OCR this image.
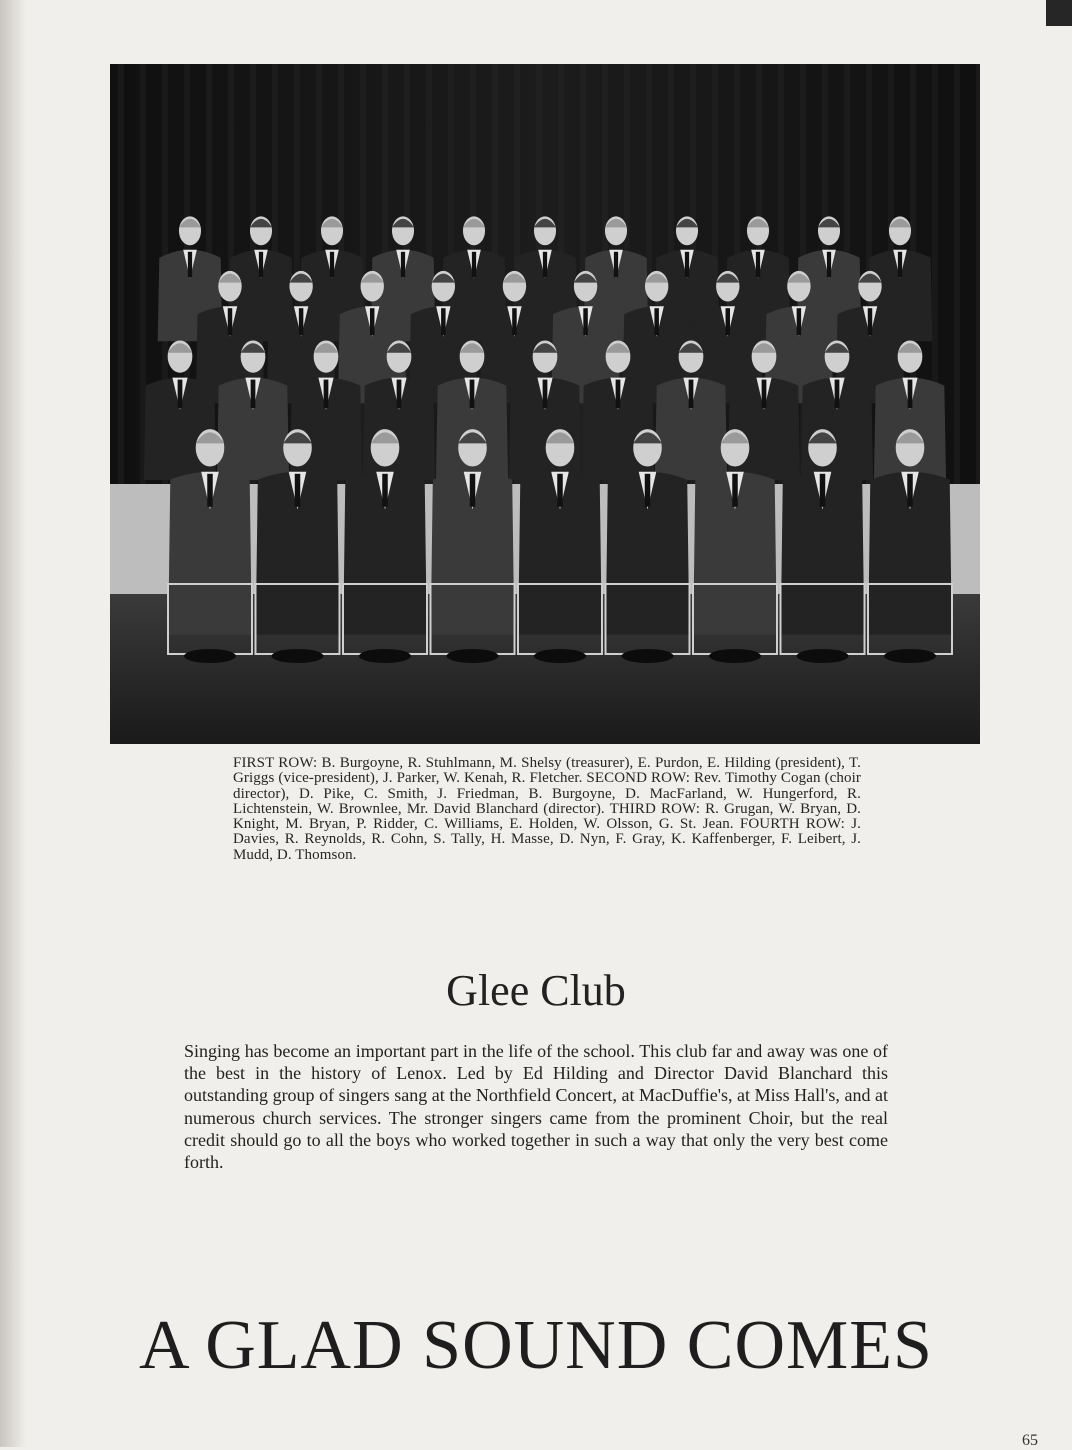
FIRST ROW: B. Burgoyne, R. Stuhlmann, M. Shelsy (treasurer), E. Purdon, E. Hilding (president), T. Griggs (vice-president), J. Parker, W. Kenah, R. Fletcher. SECOND ROW: Rev. Timothy Cogan (choir director), D. Pike, C. Smith, J. Friedman, B. Burgoyne, D. MacFarland, W. Hungerford, R. Lichtenstein, W. Brownlee, Mr. David Blanchard (director). THIRD ROW: R. Grugan, W. Bryan, D. Knight, M. Bryan, P. Ridder, C. Williams, E. Holden, W. Olsson, G. St. Jean. FOURTH ROW: J. Davies, R. Reynolds, R. Cohn, S. Tally, H. Masse, D. Nyn, F. Gray, K. Kaffenberger, F. Leibert, J. Mudd, D. Thomson.
Glee Club
Singing has become an important part in the life of the school. This club far and away was one of the best in the history of Lenox. Led by Ed Hilding and Director David Blanchard this outstanding group of singers sang at the Northfield Concert, at MacDuffie's, at Miss Hall's, and at numerous church services. The stronger singers came from the prominent Choir, but the real credit should go to all the boys who worked together in such a way that only the very best come forth.
A GLAD SOUND COMES
65
